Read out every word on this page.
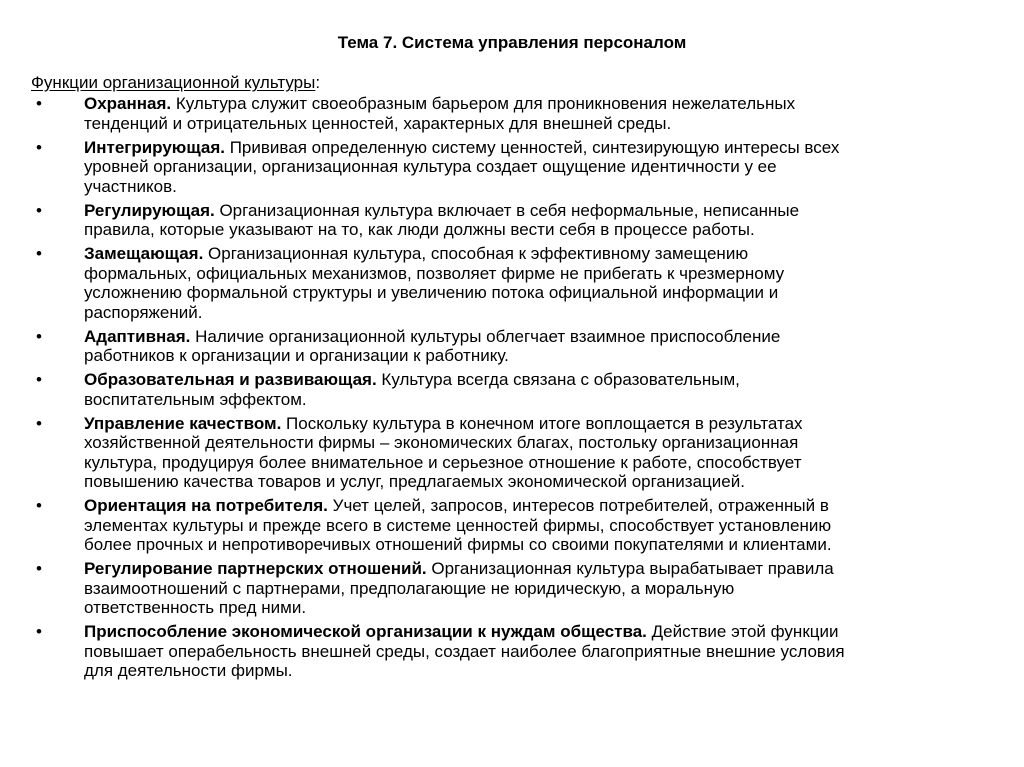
Тема 7. Система управления персоналом

Функции организационной культуры:

• Охранная. Культура служит своеобразным барьером для проникновения нежелательных
тенденций и отрицательных ценностей, характерных для внешней среды.
• Интегрирующая. Прививая определенную систему ценностей, синтезирующую интересы всех
уровней организации, организационная культура создает ощущение идентичности у ее
участников.
• Регулирующая. Организационная культура включает в себя неформальные, неписанные
правила, которые указывают на то, как люди должны вести себя в процессе работы.
• Замещающая. Организационная культура, способная к эффективному замещению
формальных, официальных механизмов, позволяет фирме не прибегать к чрезмерному
усложнению формальной структуры и увеличению потока официальной информации и
распоряжений.
• Адаптивная. Наличие организационной культуры облегчает взаимное приспособление
работников к организации и организации к работнику.
• Образовательная и развивающая. Культура всегда связана с образовательным,
воспитательным эффектом.
• Управление качеством. Поскольку культура в конечном итоге воплощается в результатах
хозяйственной деятельности фирмы – экономических благах, постольку организационная
культура, продуцируя более внимательное и серьезное отношение к работе, способствует
повышению качества товаров и услуг, предлагаемых экономической организацией.
• Ориентация на потребителя. Учет целей, запросов, интересов потребителей, отраженный в
элементах культуры и прежде всего в системе ценностей фирмы, способствует установлению
более прочных и непротиворечивых отношений фирмы со своими покупателями и клиентами.
• Регулирование партнерских отношений. Организационная культура вырабатывает правила
взаимоотношений с партнерами, предполагающие не юридическую, а моральную
ответственность пред ними.
• Приспособление экономической организации к нуждам общества. Действие этой функции
повышает операбельность внешней среды, создает наиболее благоприятные внешние условия
для деятельности фирмы.
